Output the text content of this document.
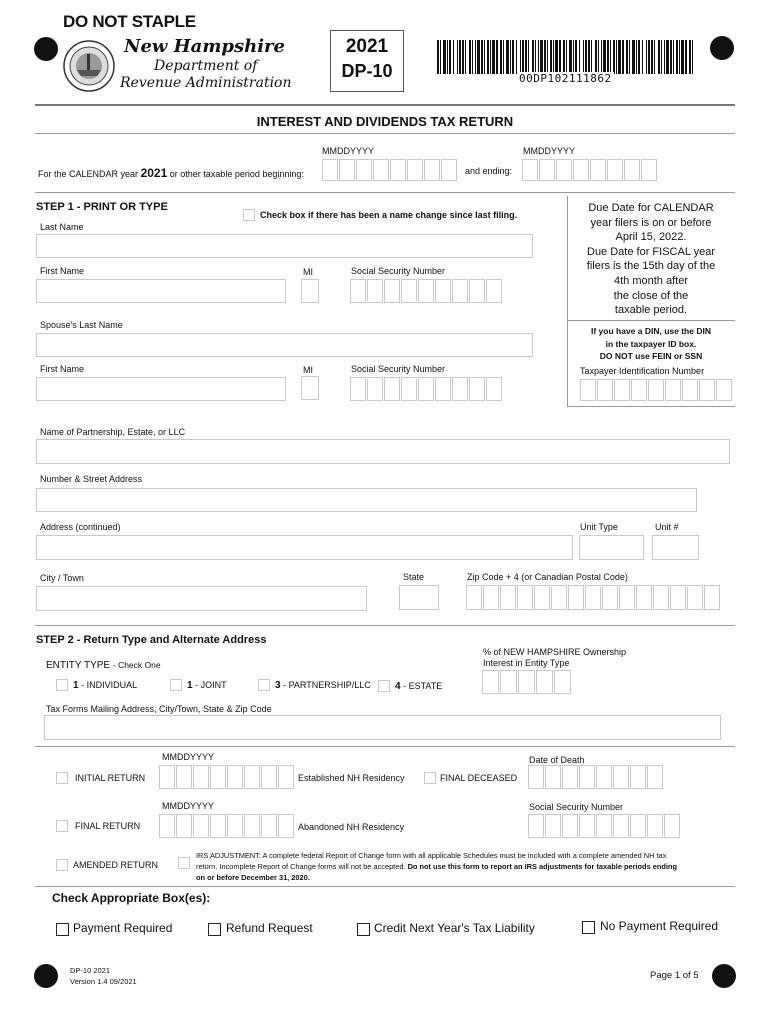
DO NOT STAPLE
New Hampshire
Department of
Revenue Administration
2021
DP-10	00DP102111862
INTEREST AND DIVIDENDS TAX RETURN
MMDDYYYY	MMDDYYYY
For the CALENDAR year 2021 or other taxable period beginning:	and ending:
STEP 1 - PRINT OR TYPE
Check box if there has been a name change since last filing.
Last Name
First Name	MI	Social Security Number
Due Date for CALENDAR
year filers is on or before
April 15, 2022.
Due Date for FISCAL year
filers is the 15th day of the
4th month after
the close of the
taxable period.
If you have a DIN, use the DIN
in the taxpayer ID box.
DO NOT use FEIN or SSN
Taxpayer Identification Number
Spouse's Last Name
First Name	MI	Social Security Number
Name of Partnership, Estate, or LLC
Number & Street Address
Address (continued)	Unit Type	Unit #
City / Town	State	Zip Code + 4 (or Canadian Postal Code)
STEP 2 - Return Type and Alternate Address
ENTITY TYPE - Check One
1 - INDIVIDUAL	1 - JOINT	3 - PARTNERSHIP/LLC 4 - ESTATE
% of NEW HAMPSHIRE Ownership
Interest in Entity Type
Tax Forms Mailing Address, City/Town, State & Zip Code
MMDDYYYY	Date of Death
INITIAL RETURN	Established NH Residency	FINAL DECEASED
MMDDYYYY	Social Security Number
FINAL RETURN	Abandoned NH Residency
AMENDED RETURN
IRS ADJUSTMENT: A complete federal Report of Change form with all applicable Schedules must be included with a complete amended NH tax
return. Incomplete Report of Change forms will not be accepted. Do not use this form to report an IRS adjustments for taxable periods ending
on or before December 31, 2020.
Check Appropriate Box(es):
Payment Required	Refund Request	Credit Next Year's Tax Liability	No Payment Required
DP-10 2021
Version 1.4 09/2021
Page 1 of 5
